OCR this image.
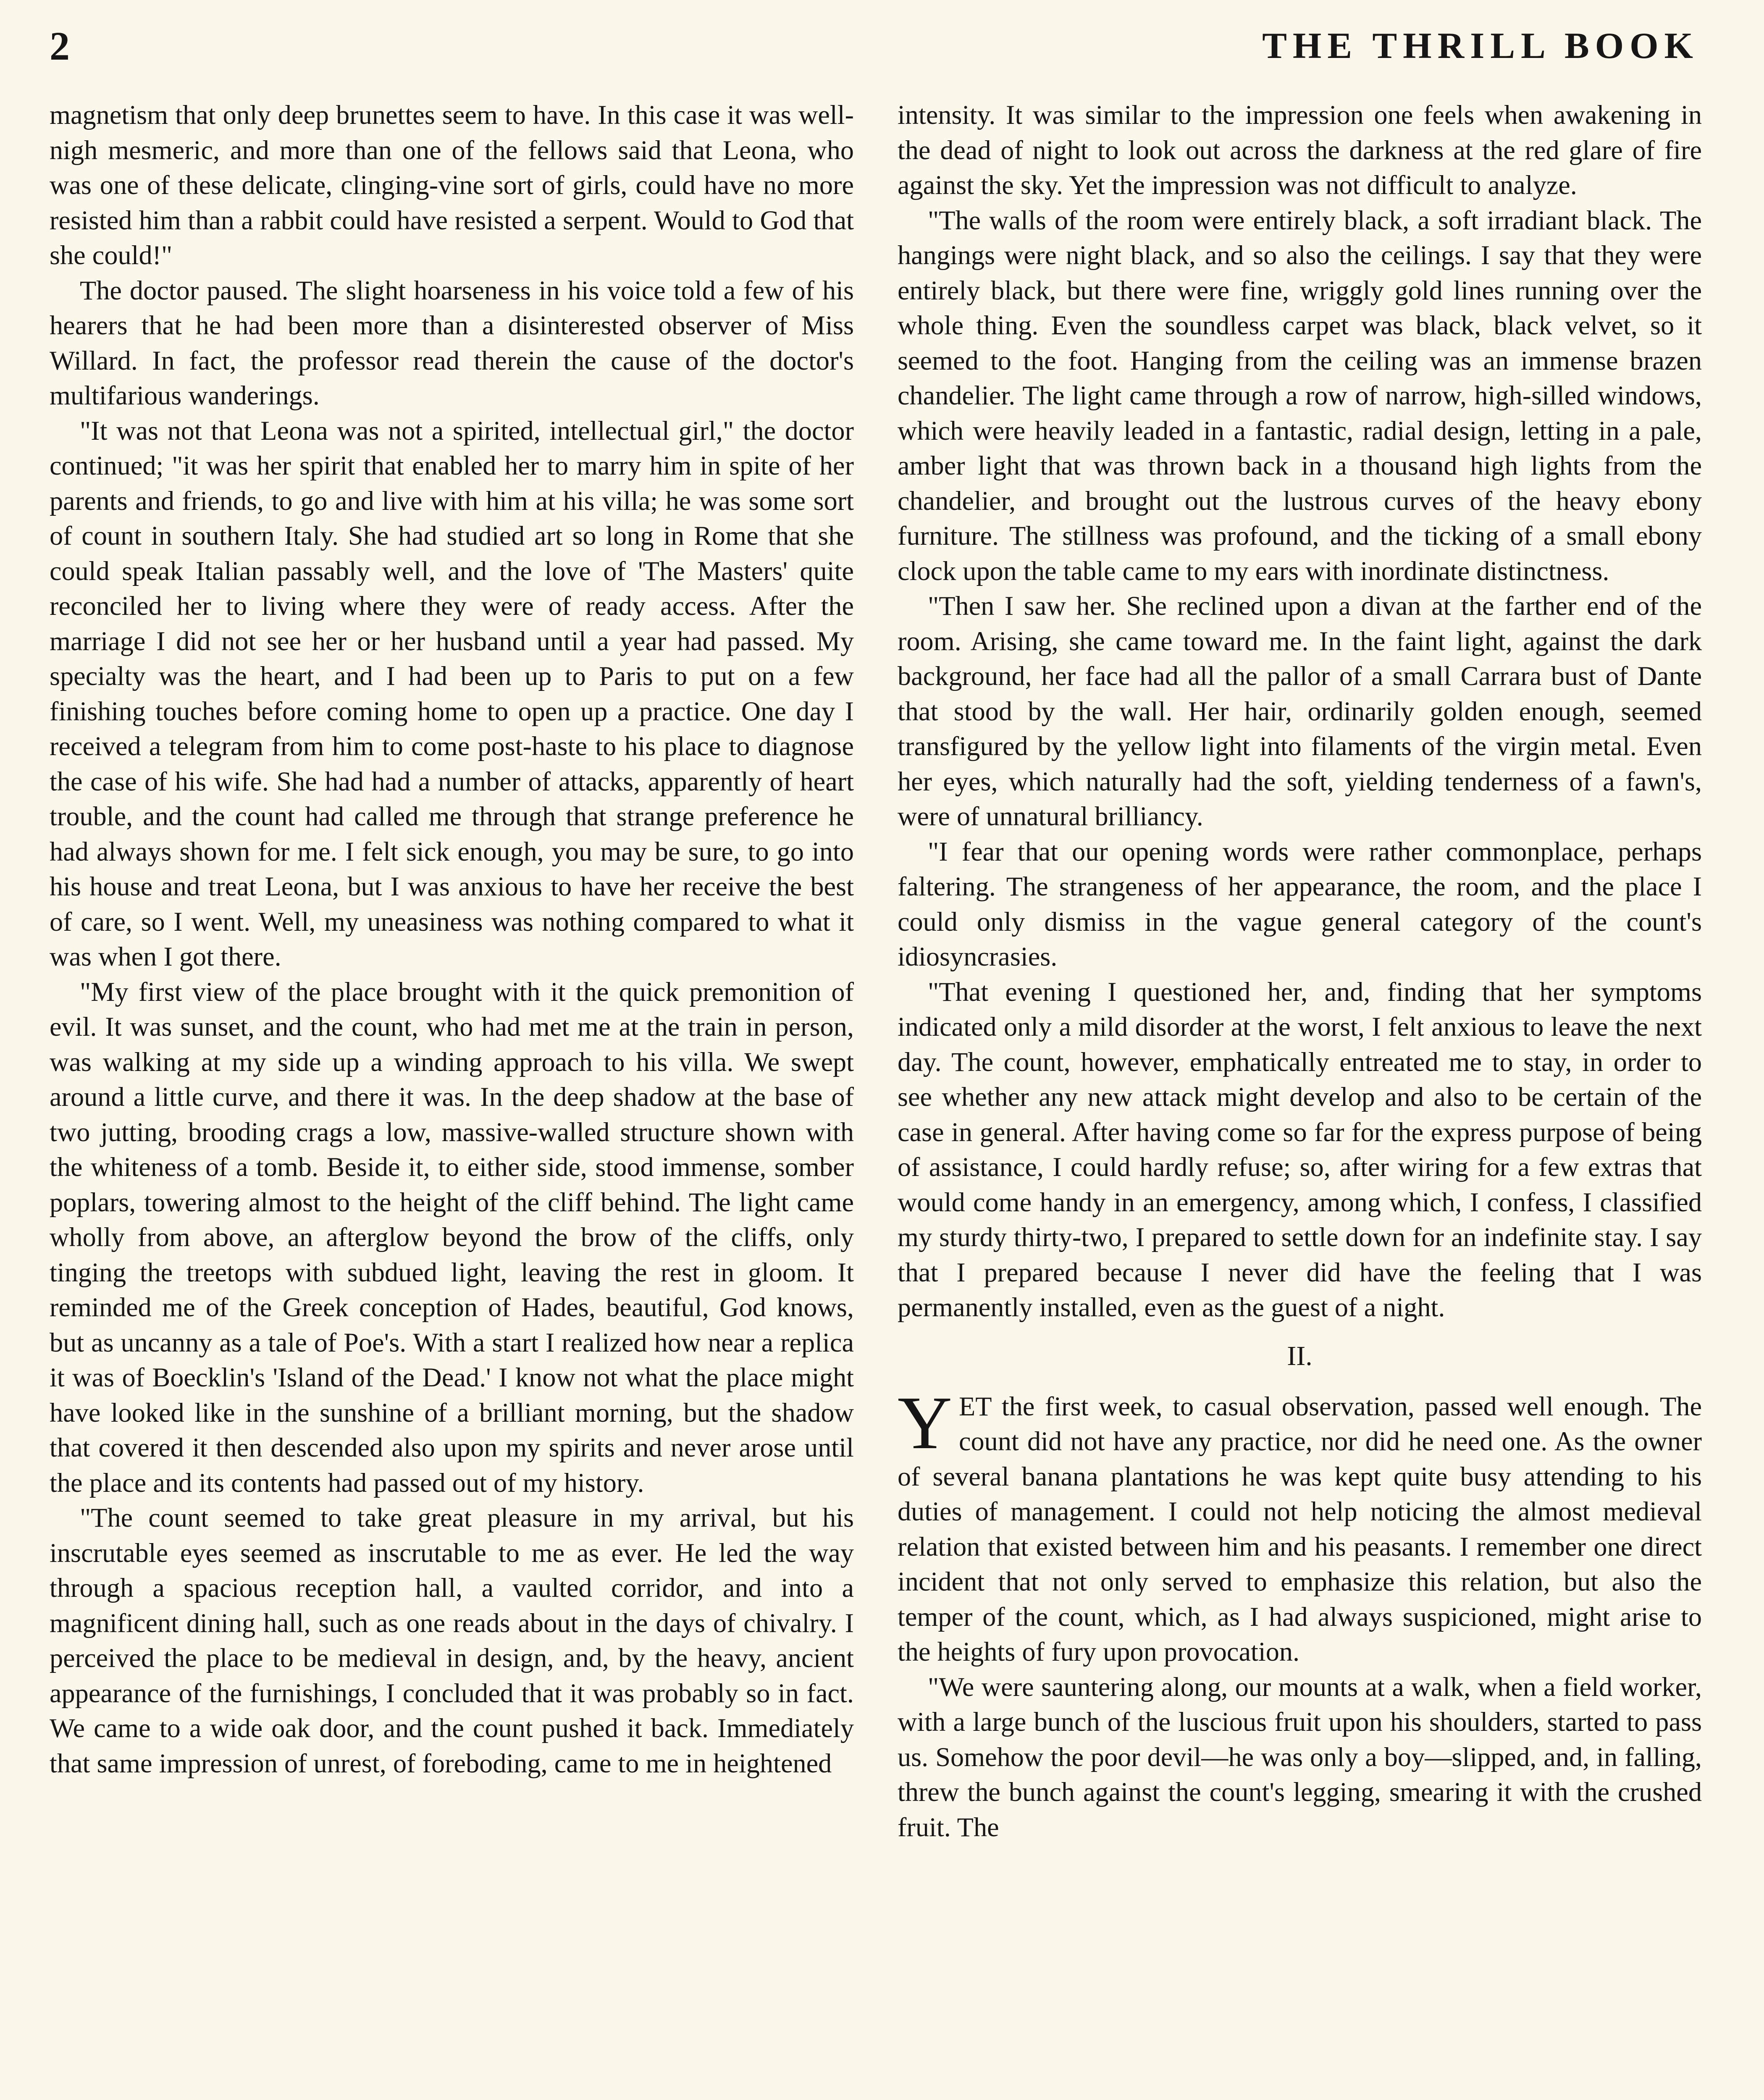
2	THE THRILL BOOK

magnetism that only deep brunettes seem to have. In this case it was well-nigh mesmeric, and more than one of the fellows said that Leona, who was one of these delicate, clinging-vine sort of girls, could have no more resisted him than a rabbit could have resisted a serpent. Would to God that she could!"

The doctor paused. The slight hoarseness in his voice told a few of his hearers that he had been more than a disinterested observer of Miss Willard. In fact, the professor read therein the cause of the doctor's multifarious wanderings.

"It was not that Leona was not a spirited, intellectual girl," the doctor continued; "it was her spirit that enabled her to marry him in spite of her parents and friends, to go and live with him at his villa; he was some sort of count in southern Italy. She had studied art so long in Rome that she could speak Italian passably well, and the love of 'The Masters' quite reconciled her to living where they were of ready access. After the marriage I did not see her or her husband until a year had passed. My specialty was the heart, and I had been up to Paris to put on a few finishing touches before coming home to open up a practice. One day I received a telegram from him to come post-haste to his place to diagnose the case of his wife. She had had a number of attacks, apparently of heart trouble, and the count had called me through that strange preference he had always shown for me. I felt sick enough, you may be sure, to go into his house and treat Leona, but I was anxious to have her receive the best of care, so I went. Well, my uneasiness was nothing compared to what it was when I got there.

"My first view of the place brought with it the quick premonition of evil. It was sunset, and the count, who had met me at the train in person, was walking at my side up a winding approach to his villa. We swept around a little curve, and there it was. In the deep shadow at the base of two jutting, brooding crags a low, massive-walled structure shown with the whiteness of a tomb. Beside it, to either side, stood immense, somber poplars, towering almost to the height of the cliff behind. The light came wholly from above, an afterglow beyond the brow of the cliffs, only tinging the treetops with subdued light, leaving the rest in gloom. It reminded me of the Greek conception of Hades, beautiful, God knows, but as uncanny as a tale of Poe's. With a start I realized how near a replica it was of Boecklin's 'Island of the Dead.' I know not what the place might have looked like in the sunshine of a brilliant morning, but the shadow that covered it then descended also upon my spirits and never arose until the place and its contents had passed out of my history.

"The count seemed to take great pleasure in my arrival, but his inscrutable eyes seemed as inscrutable to me as ever. He led the way through a spacious reception hall, a vaulted corridor, and into a magnificent dining hall, such as one reads about in the days of chivalry. I perceived the place to be medieval in design, and, by the heavy, ancient appearance of the furnishings, I concluded that it was probably so in fact. We came to a wide oak door, and the count pushed it back. Immediately that same impression of unrest, of foreboding, came to me in heightened

intensity. It was similar to the impression one feels when awakening in the dead of night to look out across the darkness at the red glare of fire against the sky. Yet the impression was not difficult to analyze.

"The walls of the room were entirely black, a soft irradiant black. The hangings were night black, and so also the ceilings. I say that they were entirely black, but there were fine, wriggly gold lines running over the whole thing. Even the soundless carpet was black, black velvet, so it seemed to the foot. Hanging from the ceiling was an immense brazen chandelier. The light came through a row of narrow, high-silled windows, which were heavily leaded in a fantastic, radial design, letting in a pale, amber light that was thrown back in a thousand high lights from the chandelier, and brought out the lustrous curves of the heavy ebony furniture. The stillness was profound, and the ticking of a small ebony clock upon the table came to my ears with inordinate distinctness.

"Then I saw her. She reclined upon a divan at the farther end of the room. Arising, she came toward me. In the faint light, against the dark background, her face had all the pallor of a small Carrara bust of Dante that stood by the wall. Her hair, ordinarily golden enough, seemed transfigured by the yellow light into filaments of the virgin metal. Even her eyes, which naturally had the soft, yielding tenderness of a fawn's, were of unnatural brilliancy.

"I fear that our opening words were rather commonplace, perhaps faltering. The strangeness of her appearance, the room, and the place I could only dismiss in the vague general category of the count's idiosyncrasies.

"That evening I questioned her, and, finding that her symptoms indicated only a mild disorder at the worst, I felt anxious to leave the next day. The count, however, emphatically entreated me to stay, in order to see whether any new attack might develop and also to be certain of the case in general. After having come so far for the express purpose of being of assistance, I could hardly refuse; so, after wiring for a few extras that would come handy in an emergency, among which, I confess, I classified my sturdy thirty-two, I prepared to settle down for an indefinite stay. I say that I prepared because I never did have the feeling that I was permanently installed, even as the guest of a night.

II.

YET the first week, to casual observation, passed well enough. The count did not have any practice, nor did he need one. As the owner of several banana plantations he was kept quite busy attending to his duties of management. I could not help noticing the almost medieval relation that existed between him and his peasants. I remember one direct incident that not only served to emphasize this relation, but also the temper of the count, which, as I had always suspicioned, might arise to the heights of fury upon provocation.

"We were sauntering along, our mounts at a walk, when a field worker, with a large bunch of the luscious fruit upon his shoulders, started to pass us. Somehow the poor devil—he was only a boy—slipped, and, in falling, threw the bunch against the count's legging, smearing it with the crushed fruit. The
